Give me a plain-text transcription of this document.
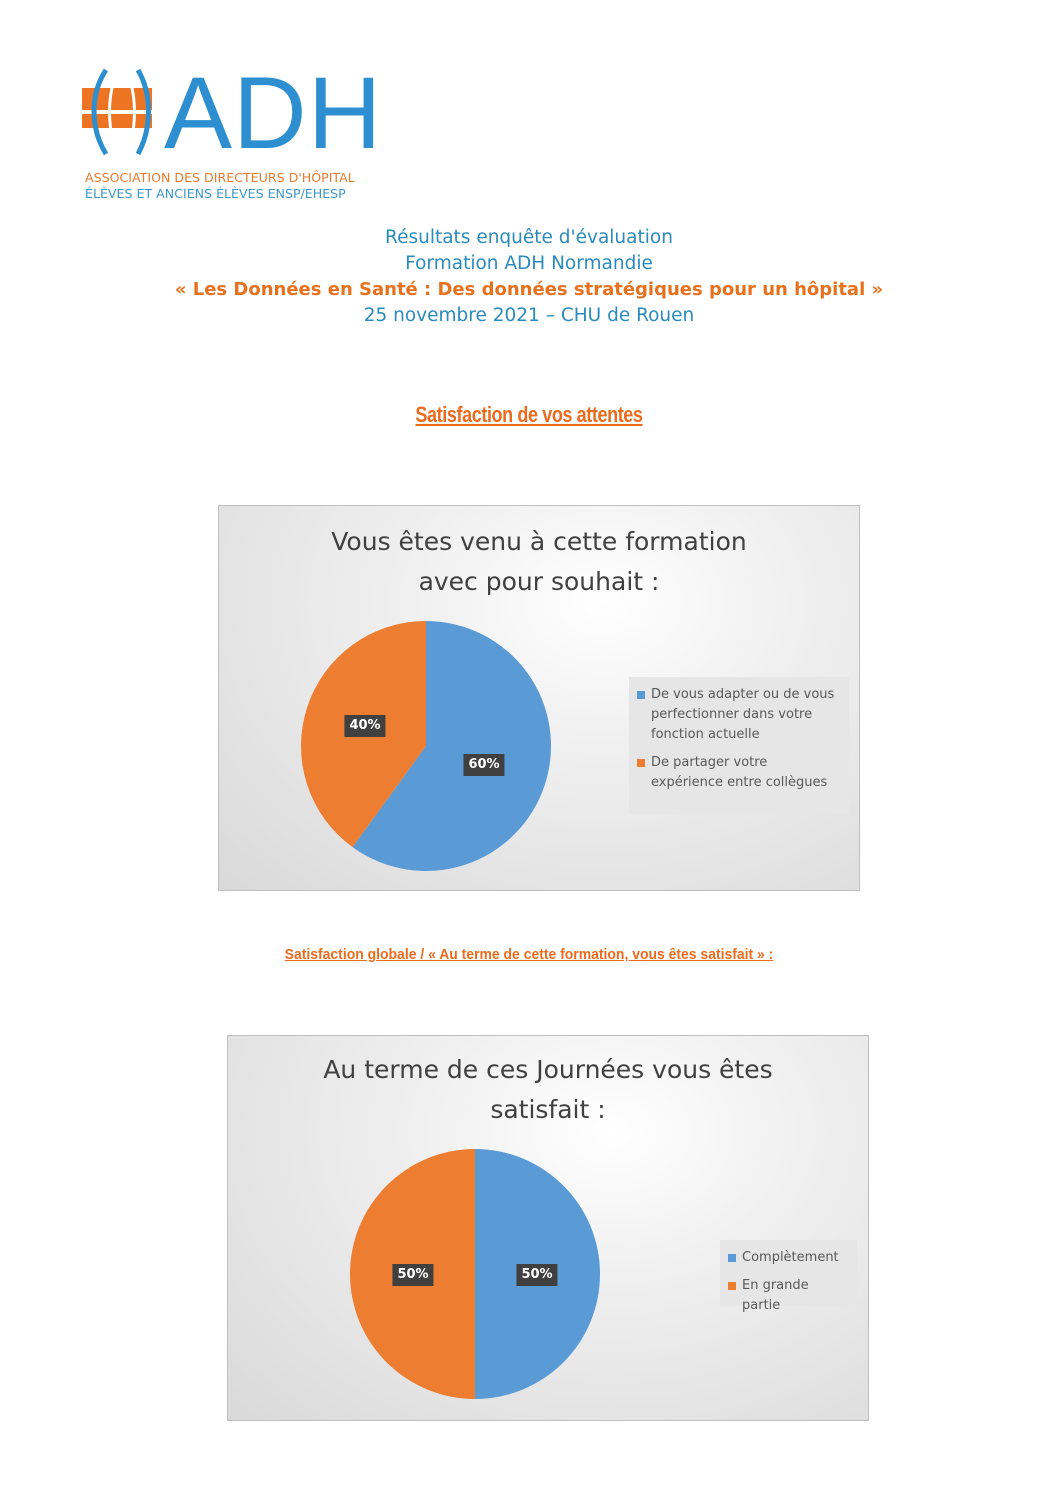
ADH
ASSOCIATION DES DIRECTEURS D'HÔPITAL
ÉLÈVES ET ANCIENS ÉLÈVES ENSP/EHESP
Résultats enquête d'évaluation
Formation ADH Normandie
« Les Données en Santé : Des données stratégiques pour un hôpital »
25 novembre 2021 – CHU de Rouen
Satisfaction de vos attentes
Vous êtes venu à cette formation
avec pour souhait :
De vous adapter ou de vous perfectionner dans votre fonction actuelle
De partager votre expérience entre collègues
60%
40%
Satisfaction globale / « Au terme de cette formation, vous êtes satisfait » :
Au terme de ces Journées vous êtes
satisfait :
Complètement
En grande partie
50%
50%
